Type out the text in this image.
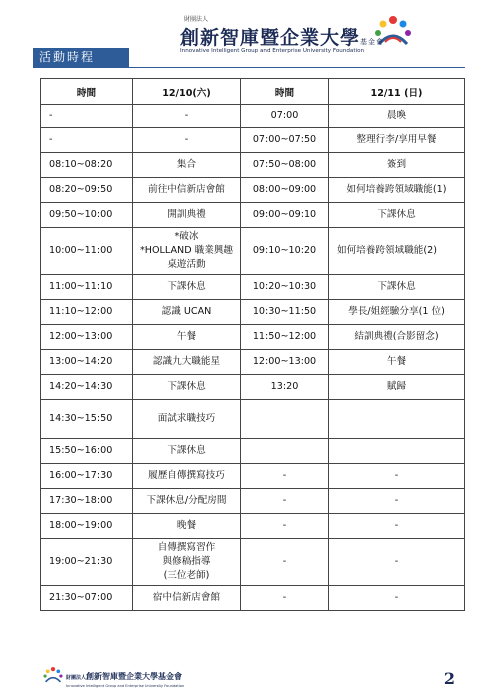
財團法人
創新智庫暨企業大學基金會
Innovative Intelligent Group and Enterprise University Foundation
活動時程
時間	12/10(六)	時間	12/11 (日)
-	-	07:00	晨喚
-	-	07:00~07:50	整理行李/享用早餐
08:10~08:20	集合	07:50~08:00	簽到
08:20~09:50	前往中信新店會館	08:00~09:00	如何培養跨領域職能(1)
09:50~10:00	開訓典禮	09:00~09:10	下課休息
10:00~11:00	*破冰
*HOLLAND 職業興趣
桌遊活動	09:10~10:20	如何培養跨領域職能(2)
11:00~11:10	下課休息	10:20~10:30	下課休息
11:10~12:00	認識 UCAN	10:30~11:50	學長/姐經驗分享(1 位)
12:00~13:00	午餐	11:50~12:00	結訓典禮(合影留念)
13:00~14:20	認識九大職能星	12:00~13:00	午餐
14:20~14:30	下課休息	13:20	賦歸
14:30~15:50	面試求職技巧		
15:50~16:00	下課休息		
16:00~17:30	履歷自傳撰寫技巧	-	-
17:30~18:00	下課休息/分配房間	-	-
18:00~19:00	晚餐	-	-
19:00~21:30	自傳撰寫習作
與修稿指導
(三位老師)	-	-
21:30~07:00	宿中信新店會館	-	-
財團法人創新智庫暨企業大學基金會
Innovative Intelligent Group and Enterprise University Foundation	2
